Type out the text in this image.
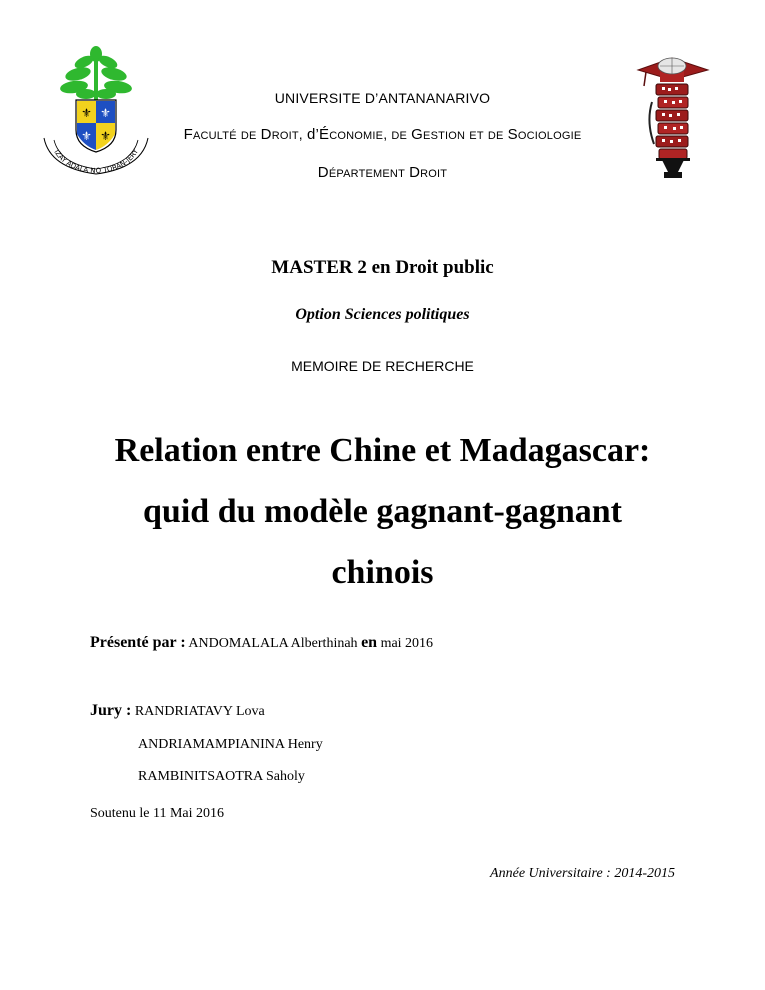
⚜ ⚜
⚜ ⚜
IZAY ADALA NO TORAN-JERY
UNIVERSITE D’ANTANANARIVO
FACULTÉ DE DROIT, d’ÉCONOMIE, DE GESTION ET DE SOCIOLOGIE
DÉPARTEMENT DROIT
MASTER 2 en Droit public
Option Sciences politiques
MEMOIRE DE RECHERCHE
Relation entre Chine et Madagascar:
quid du modèle gagnant-gagnant
chinois
Présenté par : ANDOMALALA Alberthinah en mai 2016
Jury : RANDRIATAVY Lova
ANDRIAMAMPIANINA Henry
RAMBINITSAOTRA Saholy
Soutenu le 11 Mai 2016
Année Universitaire : 2014-2015
